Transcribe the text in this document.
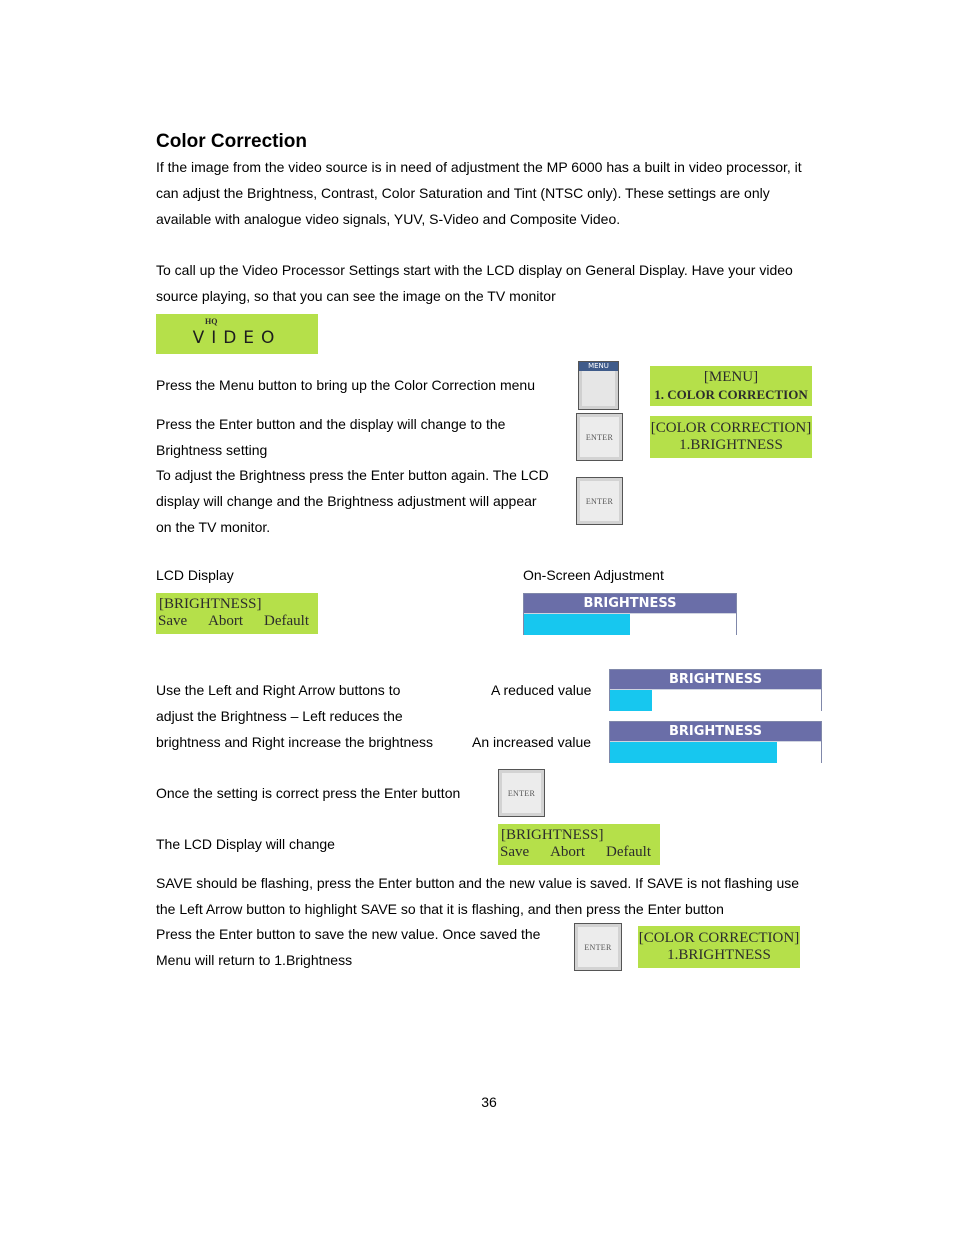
Color Correction
If the image from the video source is in need of adjustment the MP 6000 has a built in video processor, it
can adjust the Brightness, Contrast, Color Saturation and Tint (NTSC only). These settings are only
available with analogue video signals, YUV, S-Video and Composite Video.
To call up the Video Processor Settings start with the LCD display on General Display. Have your video
source playing, so that you can see the image on the TV monitor
HQ
VIDEO
Press the Menu button to bring up the Color Correction menu
MENU
[MENU]
1. COLOR CORRECTION
Press the Enter button and the display will change to the
Brightness setting
ENTER
[COLOR CORRECTION]
1.BRIGHTNESS
To adjust the Brightness press the Enter button again. The LCD
display will change and the Brightness adjustment will appear
on the TV monitor.
ENTER
LCD Display	On-Screen Adjustment
[BRIGHTNESS]
Save Abort Default
BRIGHTNESS
Use the Left and Right Arrow buttons to
adjust the Brightness – Left reduces the
brightness and Right increase the brightness
A reduced value
An increased value
BRIGHTNESS
BRIGHTNESS
Once the setting is correct press the Enter button	ENTER
The LCD Display will change
[BRIGHTNESS]
Save Abort Default
SAVE should be flashing, press the Enter button and the new value is saved. If SAVE is not flashing use
the Left Arrow button to highlight SAVE so that it is flashing, and then press the Enter button
Press the Enter button to save the new value. Once saved the
Menu will return to 1.Brightness
ENTER
[COLOR CORRECTION]
1.BRIGHTNESS
36
